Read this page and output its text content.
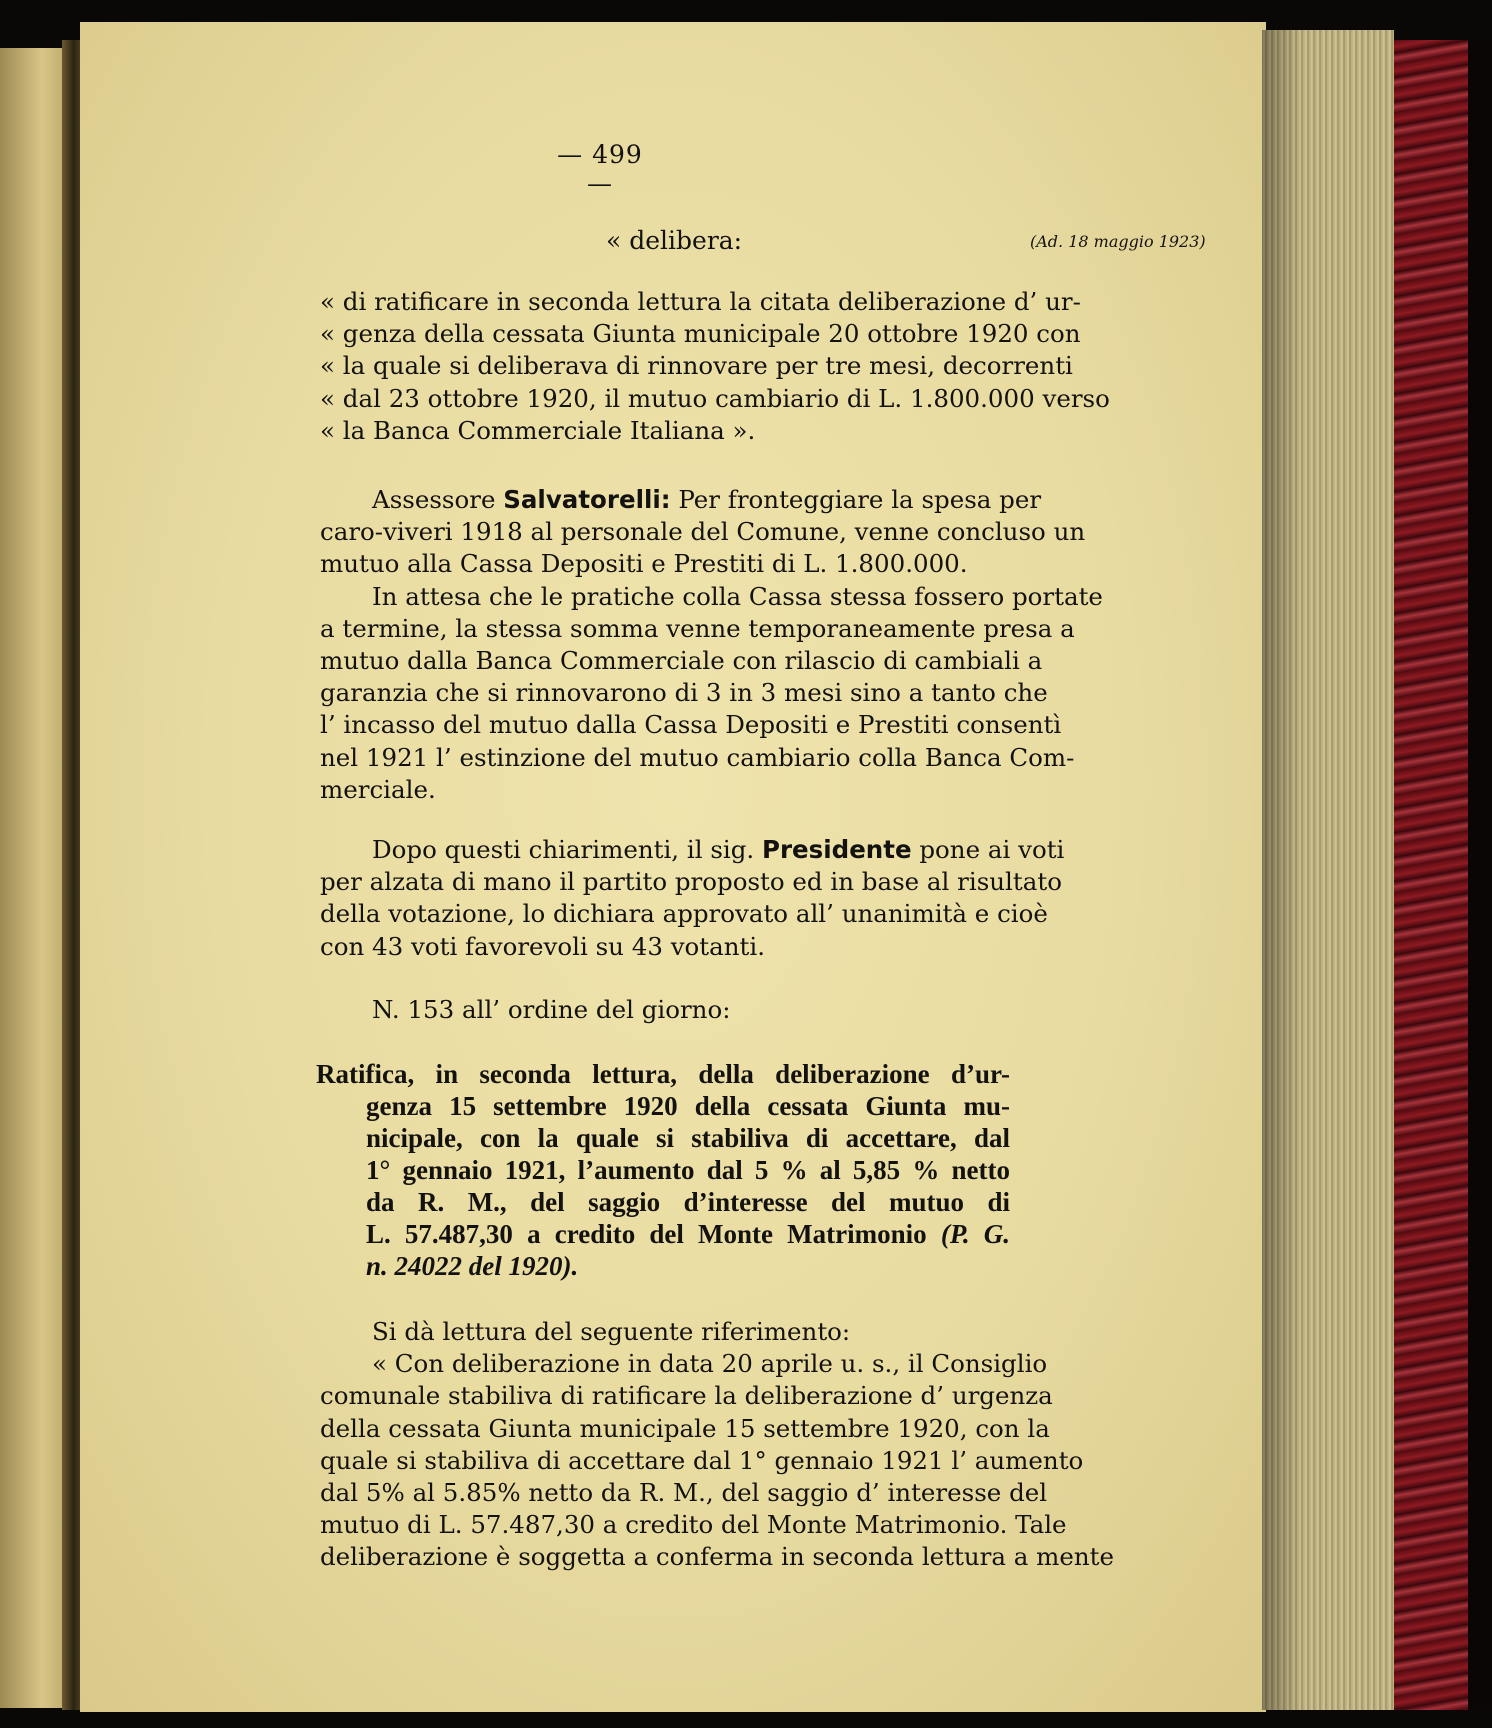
— 499 —
« delibera:	(Ad. 18 maggio 1923)
« di ratificare in seconda lettura la citata deliberazione d’ ur-
« genza della cessata Giunta municipale 20 ottobre 1920 con
« la quale si deliberava di rinnovare per tre mesi, decorrenti
« dal 23 ottobre 1920, il mutuo cambiario di L. 1.800.000 verso
« la Banca Commerciale Italiana ».
Assessore Salvatorelli: Per fronteggiare la spesa per
caro-viveri 1918 al personale del Comune, venne concluso un
mutuo alla Cassa Depositi e Prestiti di L. 1.800.000.
In attesa che le pratiche colla Cassa stessa fossero portate
a termine, la stessa somma venne temporaneamente presa a
mutuo dalla Banca Commerciale con rilascio di cambiali a
garanzia che si rinnovarono di 3 in 3 mesi sino a tanto che
l’ incasso del mutuo dalla Cassa Depositi e Prestiti consentì
nel 1921 l’ estinzione del mutuo cambiario colla Banca Com-
merciale.
Dopo questi chiarimenti, il sig. Presidente pone ai voti
per alzata di mano il partito proposto ed in base al risultato
della votazione, lo dichiara approvato all’ unanimità e cioè
con 43 voti favorevoli su 43 votanti.
N. 153 all’ ordine del giorno:
Ratifica, in seconda lettura, della deliberazione d’ur-
genza 15 settembre 1920 della cessata Giunta mu-
nicipale, con la quale si stabiliva di accettare, dal
1° gennaio 1921, l’aumento dal 5 % al 5,85 % netto
da R. M., del saggio d’interesse del mutuo di
L. 57.487,30 a credito del Monte Matrimonio (P. G.
n. 24022 del 1920).
Si dà lettura del seguente riferimento:
« Con deliberazione in data 20 aprile u. s., il Consiglio
comunale stabiliva di ratificare la deliberazione d’ urgenza
della cessata Giunta municipale 15 settembre 1920, con la
quale si stabiliva di accettare dal 1° gennaio 1921 l’ aumento
dal 5% al 5.85% netto da R. M., del saggio d’ interesse del
mutuo di L. 57.487,30 a credito del Monte Matrimonio. Tale
deliberazione è soggetta a conferma in seconda lettura a mente
